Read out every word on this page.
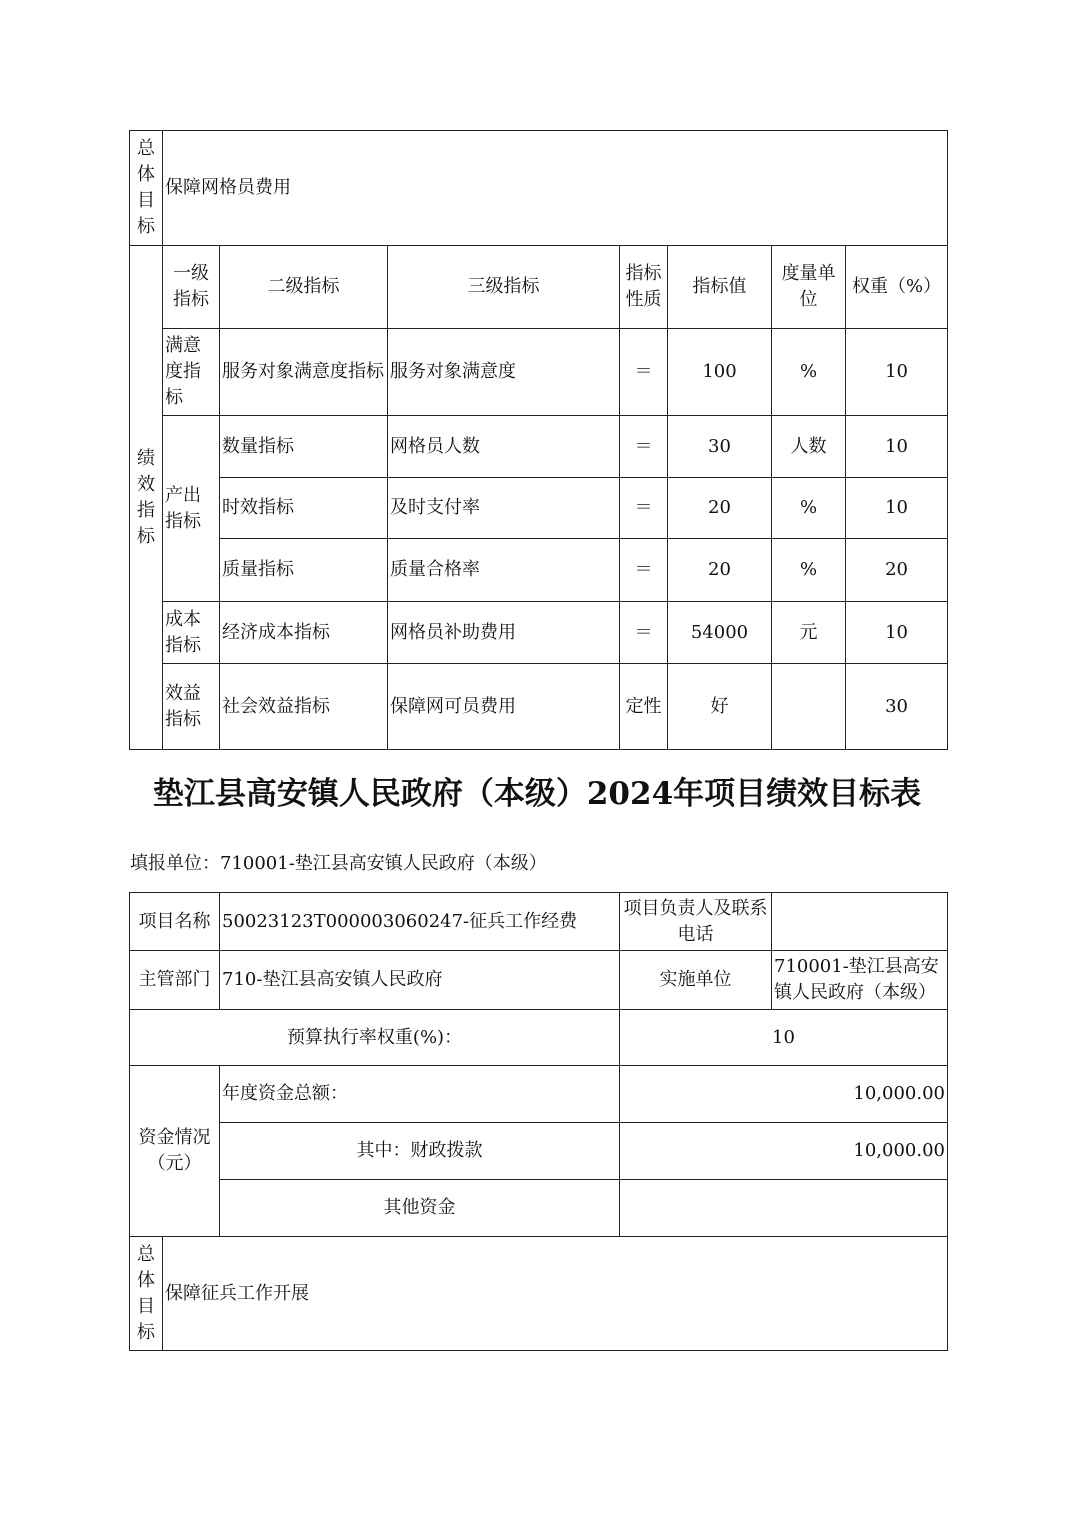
总
体
目
标	保障网格员费用						

绩
效
指
标	一级指标	二级指标	三级指标	指标性质	指标值	度量单位	权重（%）
	满意度指标	服务对象满意度指标	服务对象满意度	＝	100	%	10
	产出指标	数量指标	网格员人数	＝	30	人数	10
		时效指标	及时支付率	＝	20	%	10
		质量指标	质量合格率	＝	20	%	20
	成本指标	经济成本指标	网格员补助费用	＝	54000	元	10
	效益指标	社会效益指标	保障网可员费用	定性	好		30
垫江县高安镇人民政府（本级）2024年项目绩效目标表
填报单位：710001-垫江县高安镇人民政府（本级）
项目名称		50023123T000003060247-征兵工作经费	项目负责人及联系电话	
主管部门		710-垫江县高安镇人民政府	实施单位	710001-垫江县高安镇人民政府（本级）
预算执行率权重(%)：			10	
资金情况（元）		年度资金总额：	10,000.00	
		其中：财政拨款	10,000.00	
		其他资金		

总
体
目
标	保障征兵工作开展			
